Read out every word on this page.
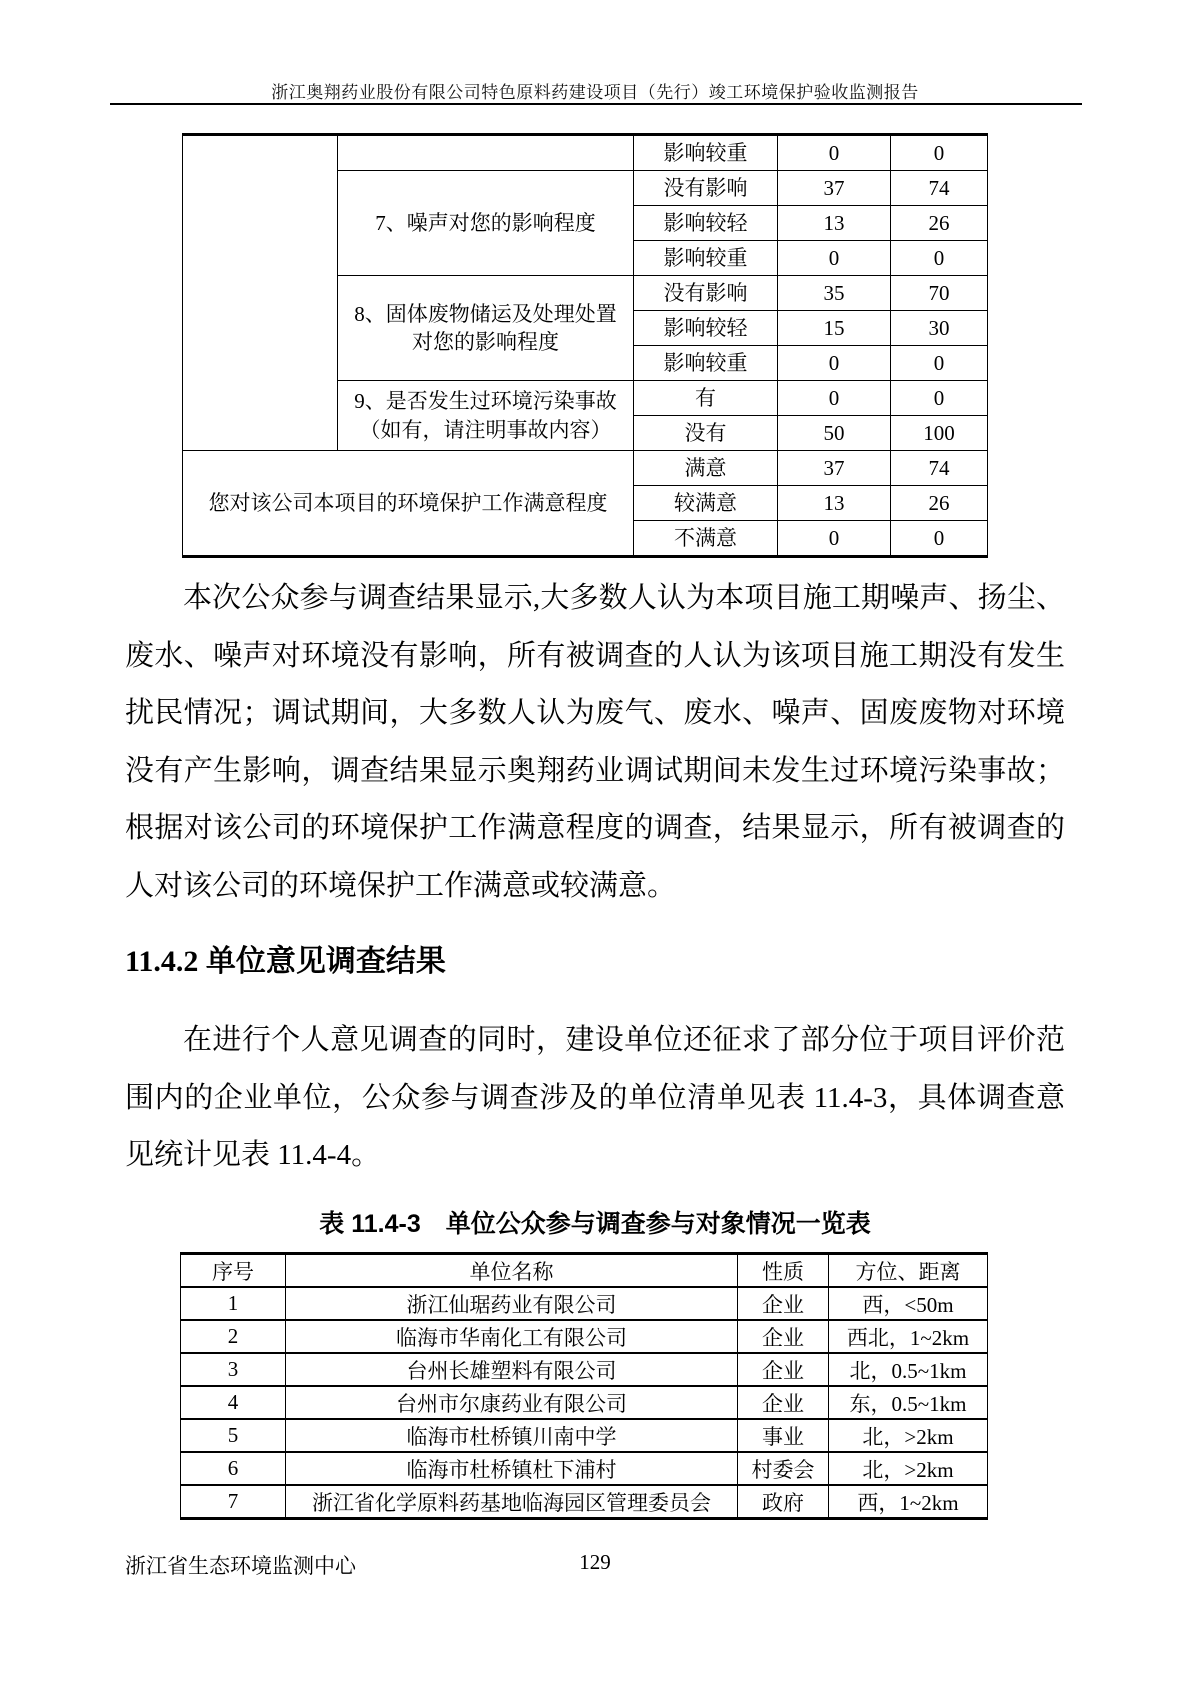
浙江奥翔药业股份有限公司特色原料药建设项目（先行）竣工环境保护验收监测报告
		影响较重	0	0
	7、噪声对您的影响程度	没有影响	37	74
		影响较轻	13	26
		影响较重	0	0
	8、固体废物储运及处理处置对您的影响程度	没有影响	35	70
		影响较轻	15	30
		影响较重	0	0
	9、是否发生过环境污染事故（如有，请注明事故内容）	有	0	0
		没有	50	100
您对该公司本项目的环境保护工作满意程度		满意	37	74
		较满意	13	26
		不满意	0	0

本次公众参与调查结果显示,大多数人认为本项目施工期噪声、扬尘、废水、噪声对环境没有影响，所有被调查的人认为该项目施工期没有发生扰民情况；调试期间，大多数人认为废气、废水、噪声、固废废物对环境没有产生影响，调查结果显示奥翔药业调试期间未发生过环境污染事故；根据对该公司的环境保护工作满意程度的调查，结果显示，所有被调查的人对该公司的环境保护工作满意或较满意。

11.4.2 单位意见调查结果

在进行个人意见调查的同时，建设单位还征求了部分位于项目评价范围内的企业单位，公众参与调查涉及的单位清单见表 11.4-3，具体调查意见统计见表 11.4-4。

表 11.4-3　单位公众参与调查参与对象情况一览表
序号	单位名称	性质	方位、距离
1	浙江仙琚药业有限公司	企业	西，<50m
2	临海市华南化工有限公司	企业	西北，1~2km
3	台州长雄塑料有限公司	企业	北，0.5~1km
4	台州市尔康药业有限公司	企业	东，0.5~1km
5	临海市杜桥镇川南中学	事业	北，>2km
6	临海市杜桥镇杜下浦村	村委会	北，>2km
7	浙江省化学原料药基地临海园区管理委员会	政府	西，1~2km
浙江省生态环境监测中心	129
